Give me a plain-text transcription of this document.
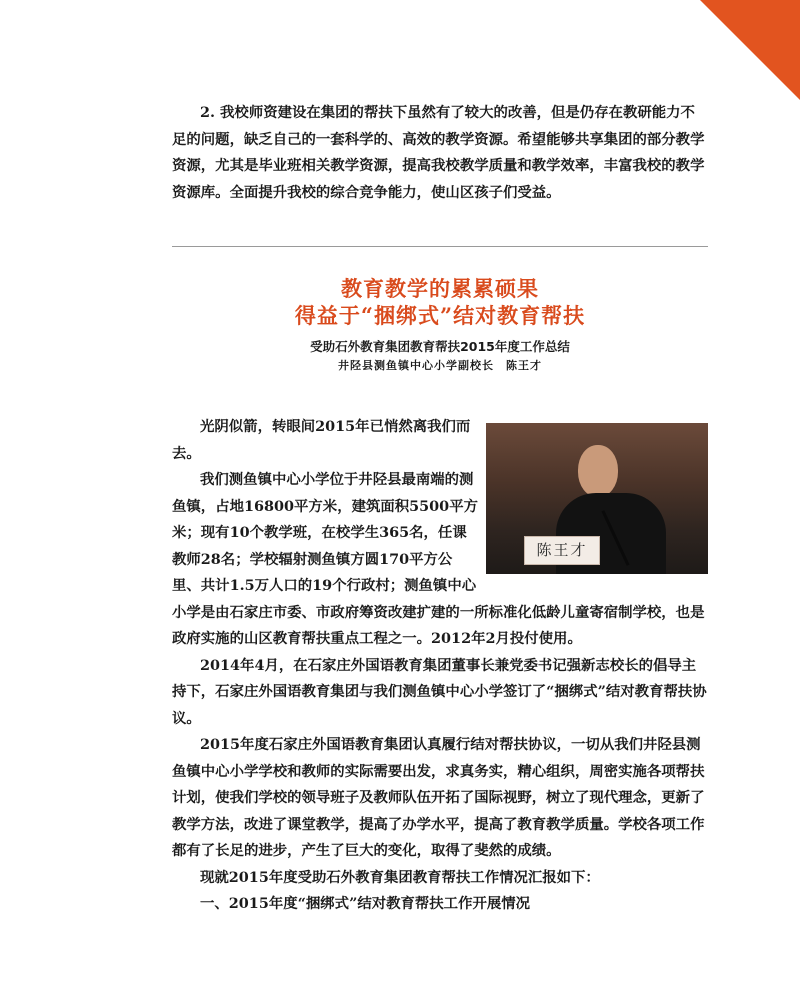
2. 我校师资建设在集团的帮扶下虽然有了较大的改善，但是仍存在教研能力不足的问题，缺乏自己的一套科学的、高效的教学资源。希望能够共享集团的部分教学资源，尤其是毕业班相关教学资源，提高我校教学质量和教学效率，丰富我校的教学资源库。全面提升我校的综合竞争能力，使山区孩子们受益。

教育教学的累累硕果
得益于“捆绑式”结对教育帮扶
受助石外教育集团教育帮扶2015年度工作总结
井陉县测鱼镇中心小学副校长　陈王才
陈王才

光阴似箭，转眼间2015年已悄然离我们而去。

我们测鱼镇中心小学位于井陉县最南端的测鱼镇，占地16800平方米，建筑面积5500平方米；现有10个教学班，在校学生365名，任课教师28名；学校辐射测鱼镇方圆170平方公里、共计1.5万人口的19个行政村；测鱼镇中心小学是由石家庄市委、市政府筹资改建扩建的一所标准化低龄儿童寄宿制学校，也是政府实施的山区教育帮扶重点工程之一。2012年2月投付使用。

2014年4月，在石家庄外国语教育集团董事长兼党委书记强新志校长的倡导主持下，石家庄外国语教育集团与我们测鱼镇中心小学签订了“捆绑式”结对教育帮扶协议。

2015年度石家庄外国语教育集团认真履行结对帮扶协议，一切从我们井陉县测鱼镇中心小学学校和教师的实际需要出发，求真务实，精心组织，周密实施各项帮扶计划，使我们学校的领导班子及教师队伍开拓了国际视野，树立了现代理念，更新了教学方法，改进了课堂教学，提高了办学水平，提高了教育教学质量。学校各项工作都有了长足的进步，产生了巨大的变化，取得了斐然的成绩。

现就2015年度受助石外教育集团教育帮扶工作情况汇报如下：

一、2015年度“捆绑式”结对教育帮扶工作开展情况
